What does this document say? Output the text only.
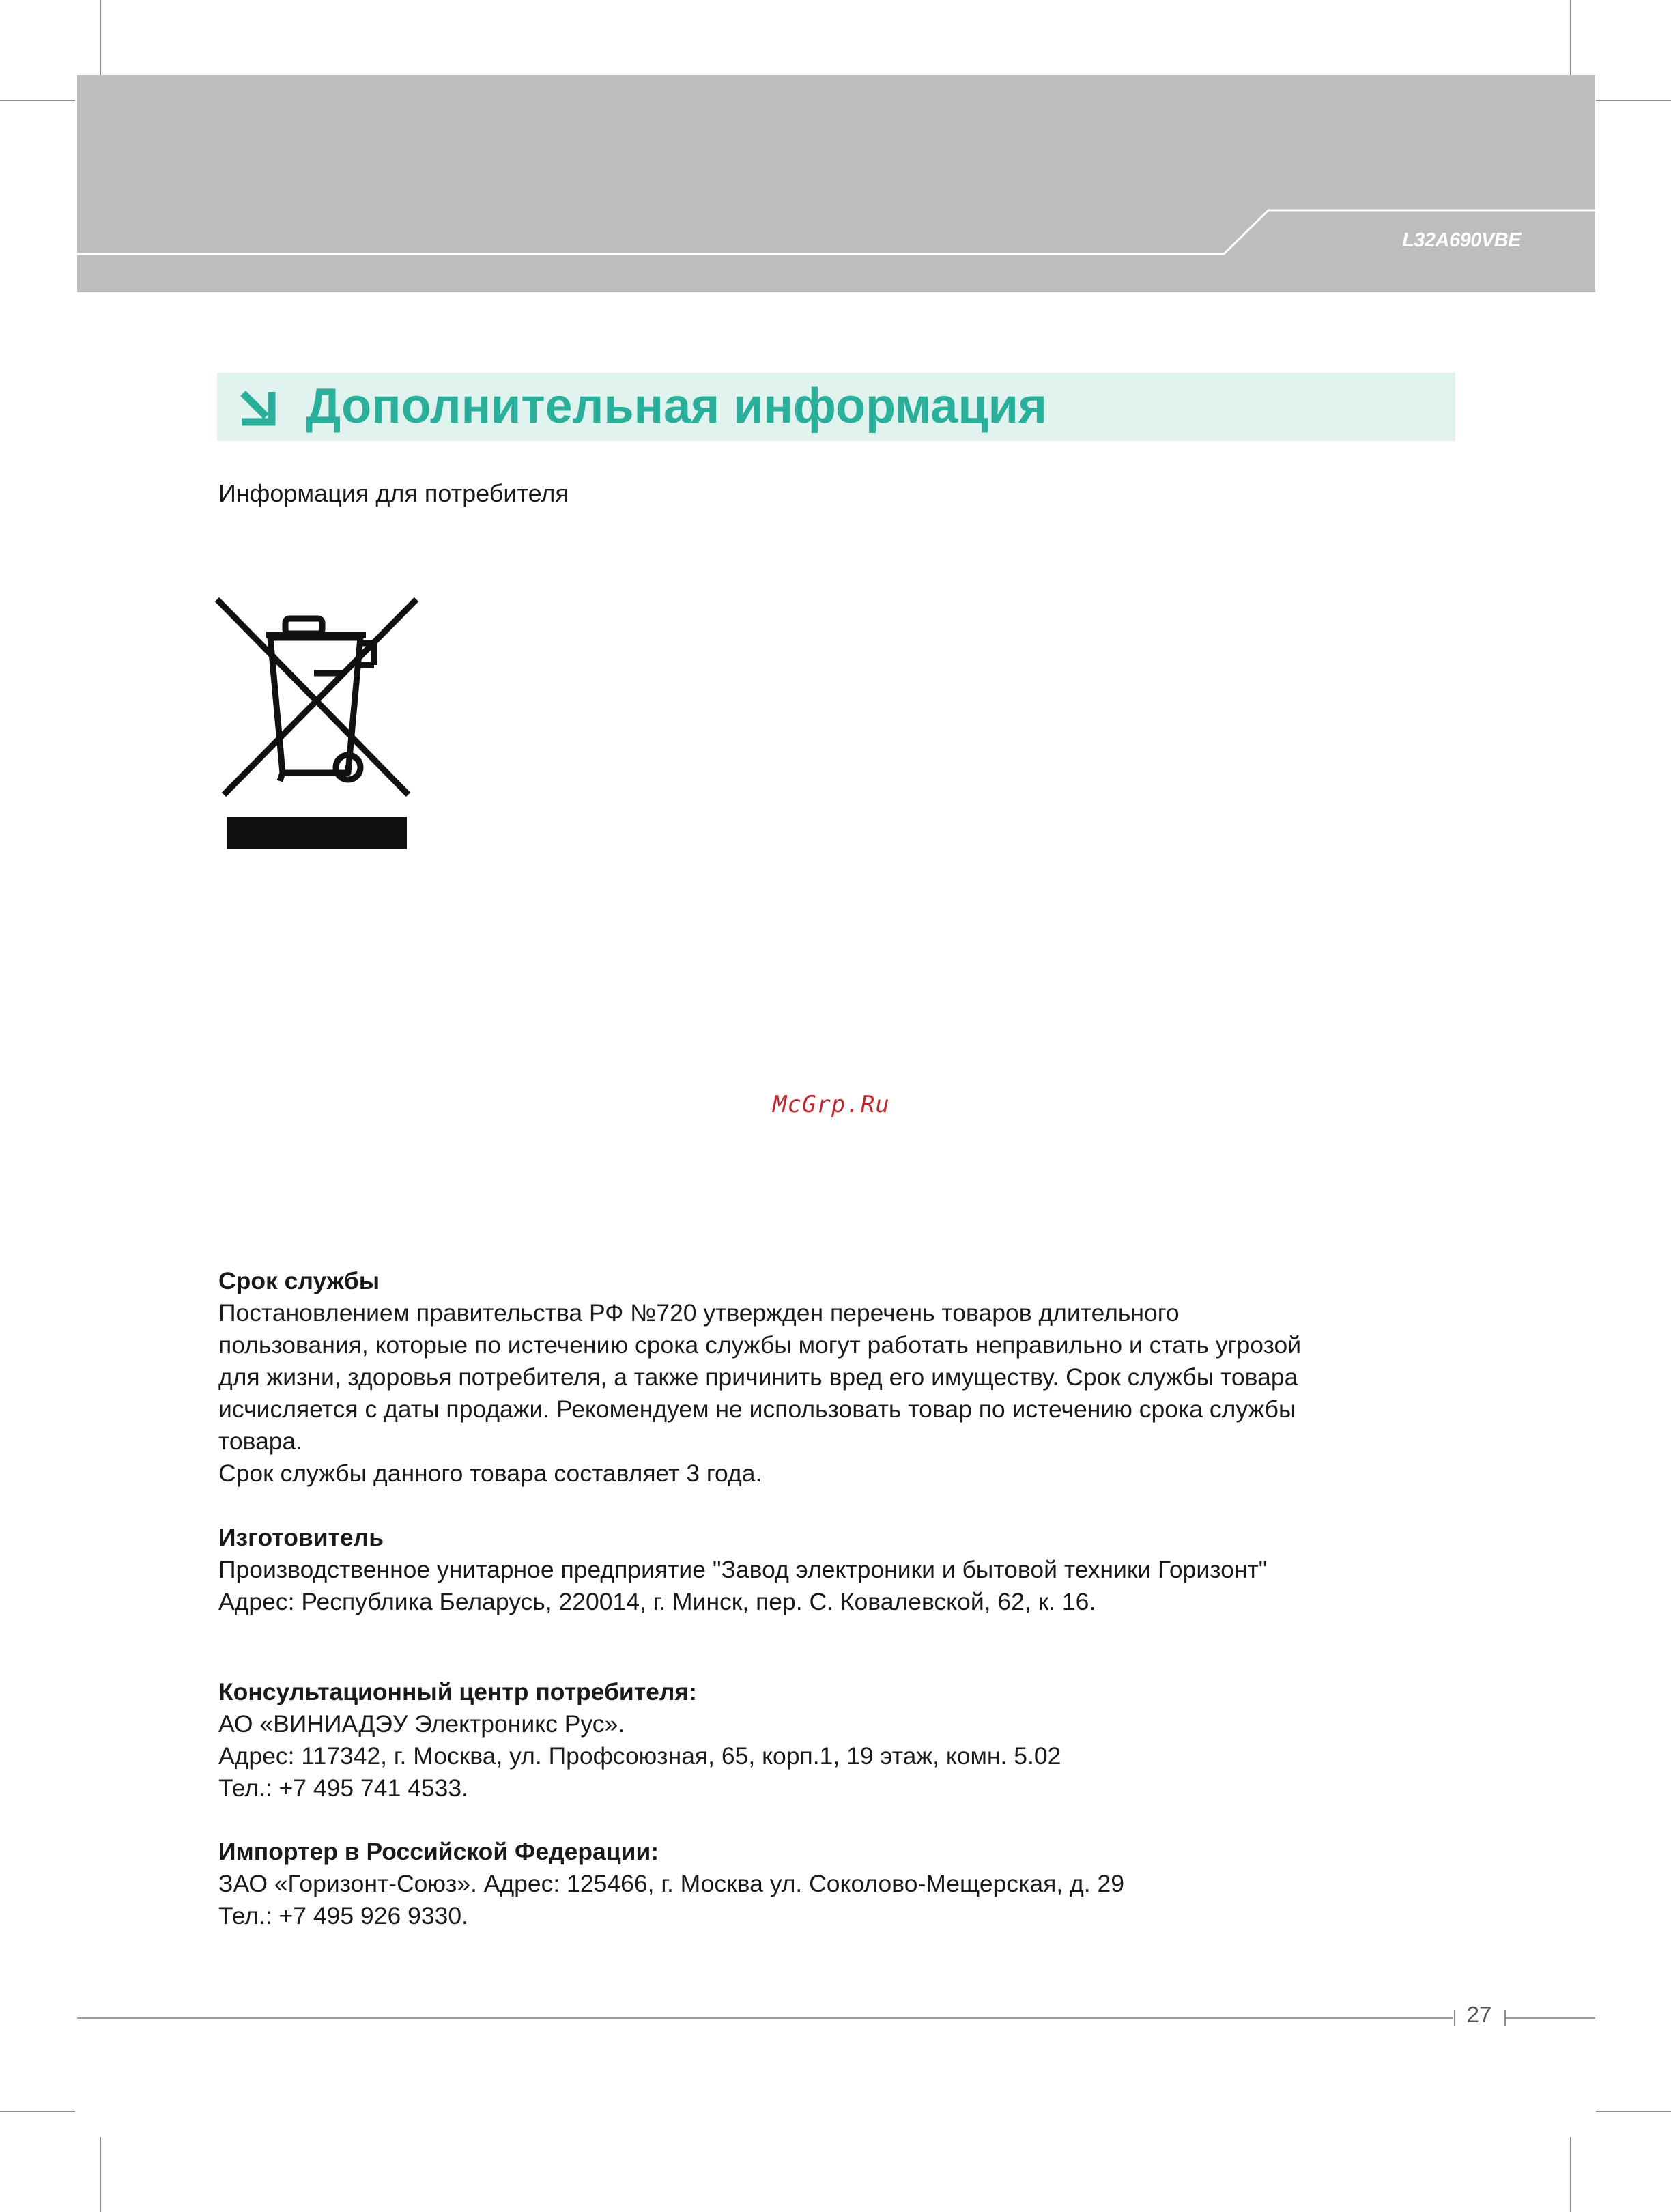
L32A690VBE
Дополнительная информация
Информация для потребителя
McGrp.Ru

Срок службы

Постановлением правительства РФ №720 утвержден перечень товаров длительного

пользования, которые по истечению срока службы могут работать неправильно и стать угрозой

для жизни, здоровья потребителя, а также причинить вред его имуществу. Срок службы товара

исчисляется с даты продажи. Рекомендуем не использовать товар по истечению срока службы

товара.

Срок службы данного товара составляет 3 года.

Изготовитель

Производственное унитарное предприятие "Завод электроники и бытовой техники Горизонт"

Адрес: Республика Беларусь, 220014, г. Минск, пер. С. Ковалевской, 62, к. 16.

Консультационный центр потребителя:

АО «ВИНИАДЭУ Электроникс Рус».

Адрес: 117342, г. Москва, ул. Профсоюзная, 65, корп.1, 19 этаж, комн. 5.02

Тел.: +7 495 741 4533.

Импортер в Российской Федерации:

ЗАО «Горизонт-Союз». Адрес: 125466, г. Москва ул. Соколово-Мещерская, д. 29

Тел.: +7 495 926 9330.

27
